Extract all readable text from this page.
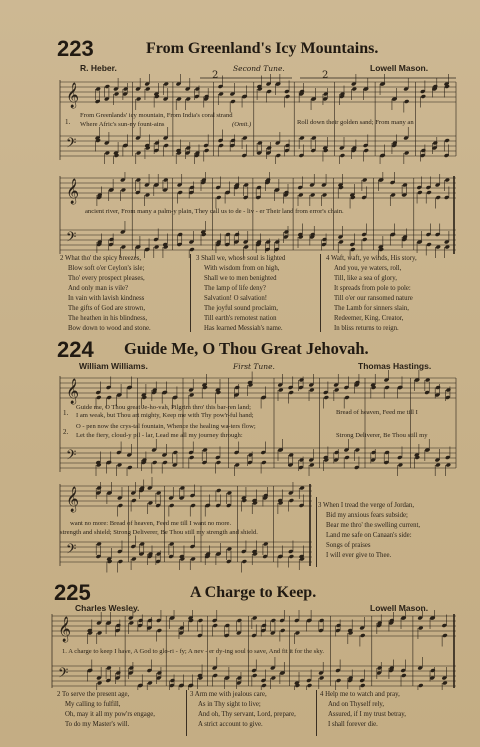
223	From Greenland's Icy Mountains.
R. Heber.	Second Tune.	Lowell Mason.
2	2
𝄞
𝄢
1.
From Greenlands' icy mountain, From India's coral strand
Where Afric's sun-ny fount-ains	(Omit.)	Roll down their golden sand; From many an
𝄞
𝄢
ancient river, From many a palm-y plain, They call us to de - liv - er Their land from error's chain.
2 What tho' the spicy breezes,
Blow soft o'er Ceylon's isle;
Tho' every prospect pleases,
And only man is vile?
In vain with lavish kindness
The gifts of God are strown,
The heathen in his blindness,
Bow down to wood and stone.
3 Shall we, whose soul is lighted
With wisdom from on high,
Shall we to men benighted
The lamp of life deny?
Salvation! O salvation!
The joyful sound proclaim,
Till earth's remotest nation
Has learned Messiah's name.
4 Waft, waft, ye winds, His story,
And you, ye waters, roll,
Till, like a sea of glory,
It spreads from pole to pole:
Till o'er our ransomed nature
The Lamb for sinners slain,
Redeemer, King, Creator,
In bliss returns to reign.
224 Guide Me, O Thou Great Jehovah.
William Williams.	First Tune.	Thomas Hastings.
𝄞
𝄢
1.
Guide me, O Thou great Je-ho-vah, Pilgrim thro' this bar-ren land;
I am weak, but Thou art mighty, Keep me with Thy pow'r-ful hand;	Bread of heaven, Feed me till I
2.
O - pen now the crys-tal fountain, Whence the healing wa-ters flow;
Let the fiery, cloud-y pil - lar, Lead me all my journey through:	Strong Deliverer, Be Thou still my
𝄞
𝄢
want no more: Bread of heaven, Feed me till I want no more.
strength and shield; Strong Deliverer, Be Thou still my strength and shield.
3 When I tread the verge of Jordan,
Bid my anxious fears subside;
Bear me thro' the swelling current,
Land me safe on Canaan's side:
Songs of praises
I will ever give to Thee.
225	A Charge to Keep.
Charles Wesley.	Lowell Mason.
𝄞
𝄢
1. A charge to keep I have, A God to glo-ri - fy; A nev - er dy-ing soul to save, And fit it for the sky.
2 To serve the present age,
My calling to fulfill,
Oh, may it all my pow'rs engage,
To do my Master's will.
3 Arm me with jealous care,
As in Thy sight to live;
And oh, Thy servant, Lord, prepare,
A strict account to give.
4 Help me to watch and pray,
And on Thyself rely,
Assured, if I my trust betray,
I shall forever die.
